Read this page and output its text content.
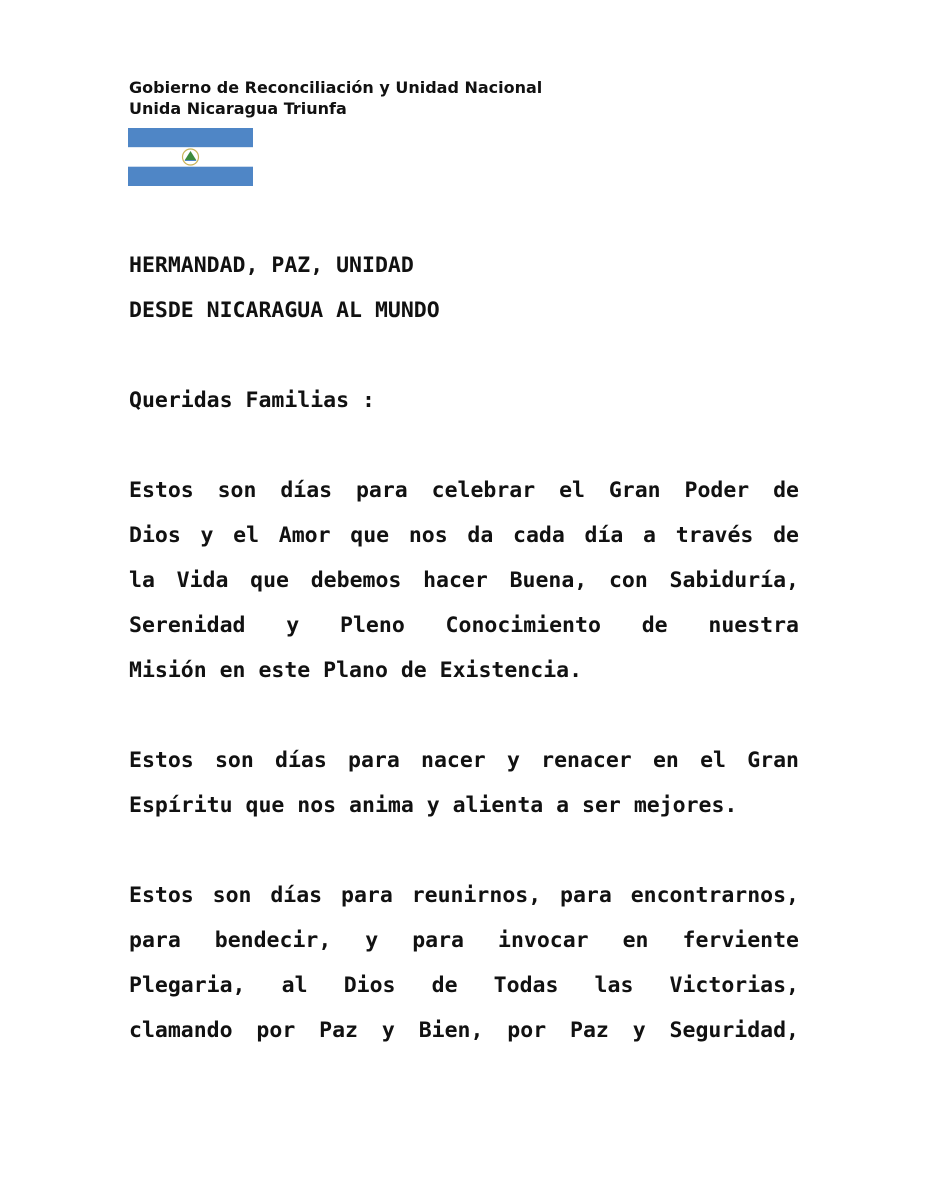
Gobierno de Reconciliación y Unidad Nacional
Unida Nicaragua Triunfa
HERMANDAD, PAZ, UNIDAD
DESDE NICARAGUA AL MUNDO
Queridas Familias :
Estos son días para celebrar el Gran Poder de
Dios y el Amor que nos da cada día a través de
la Vida que debemos hacer Buena, con Sabiduría,
Serenidad y Pleno Conocimiento de nuestra
Misión en este Plano de Existencia.
Estos son días para nacer y renacer en el Gran
Espíritu que nos anima y alienta a ser mejores.
Estos son días para reunirnos, para encontrarnos,
para bendecir, y para invocar en ferviente
Plegaria, al Dios de Todas las Victorias,
clamando por Paz y Bien, por Paz y Seguridad,
